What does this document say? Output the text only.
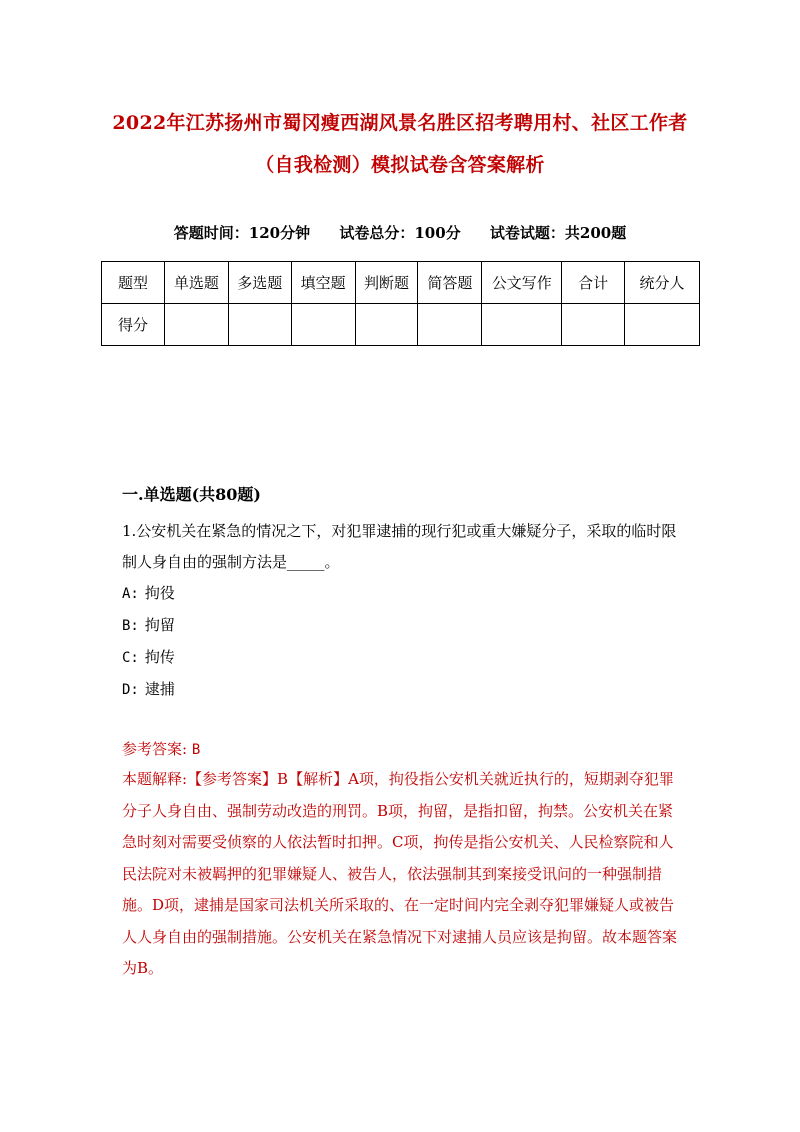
2022年江苏扬州市蜀冈瘦西湖风景名胜区招考聘用村、社区工作者
（自我检测）模拟试卷含答案解析
答题时间：120分钟 试卷总分：100分 试卷试题：共200题
题型	单选题	多选题	填空题	判断题	简答题	公文写作	合计	统分人
得分								
一.单选题(共80题)
1.公安机关在紧急的情况之下，对犯罪逮捕的现行犯或重大嫌疑分子，采取的临时限制人身自由的强制方法是_____。
A: 拘役
B: 拘留
C: 拘传
D: 逮捕
参考答案: B
本题解释:【参考答案】B【解析】A项，拘役指公安机关就近执行的，短期剥夺犯罪分子人身自由、强制劳动改造的刑罚。B项，拘留，是指扣留，拘禁。公安机关在紧急时刻对需要受侦察的人依法暂时扣押。C项，拘传是指公安机关、人民检察院和人民法院对未被羁押的犯罪嫌疑人、被告人，依法强制其到案接受讯问的一种强制措施。D项，逮捕是国家司法机关所采取的、在一定时间内完全剥夺犯罪嫌疑人或被告人人身自由的强制措施。公安机关在紧急情况下对逮捕人员应该是拘留。故本题答案为B。
